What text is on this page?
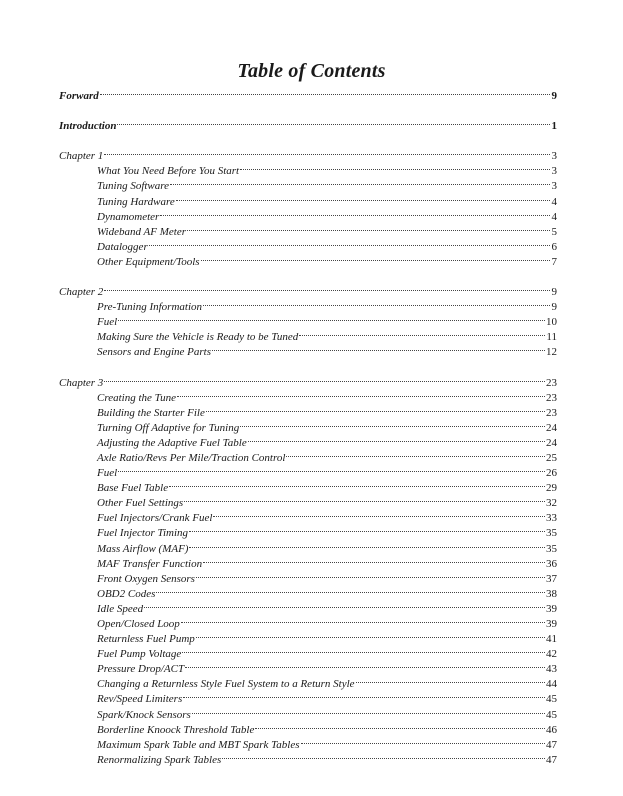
Table of Contents
Forward	9
Introduction	1
Chapter 1	3
What You Need Before You Start	3
Tuning Software	3
Tuning Hardware	4
Dynamometer	4
Wideband AF Meter	5
Datalogger	6
Other Equipment/Tools	7
Chapter 2	9
Pre-Tuning Information	9
Fuel	10
Making Sure the Vehicle is Ready to be Tuned	11
Sensors and Engine Parts	12
Chapter 3	23
Creating the Tune	23
Building the Starter File	23
Turning Off Adaptive for Tuning	24
Adjusting the Adaptive Fuel Table	24
Axle Ratio/Revs Per Mile/Traction Control	25
Fuel	26
Base Fuel Table	29
Other Fuel Settings	32
Fuel Injectors/Crank Fuel	33
Fuel Injector Timing	35
Mass Airflow (MAF)	35
MAF Transfer Function	36
Front Oxygen Sensors	37
OBD2 Codes	38
Idle Speed	39
Open/Closed Loop	39
Returnless Fuel Pump	41
Fuel Pump Voltage	42
Pressure Drop/ACT	43
Changing a Returnless Style Fuel System to a Return Style	44
Rev/Speed Limiters	45
Spark/Knock Sensors	45
Borderline Knoock Threshold Table	46
Maximum Spark Table and MBT Spark Tables	47
Renormalizing Spark Tables	47
